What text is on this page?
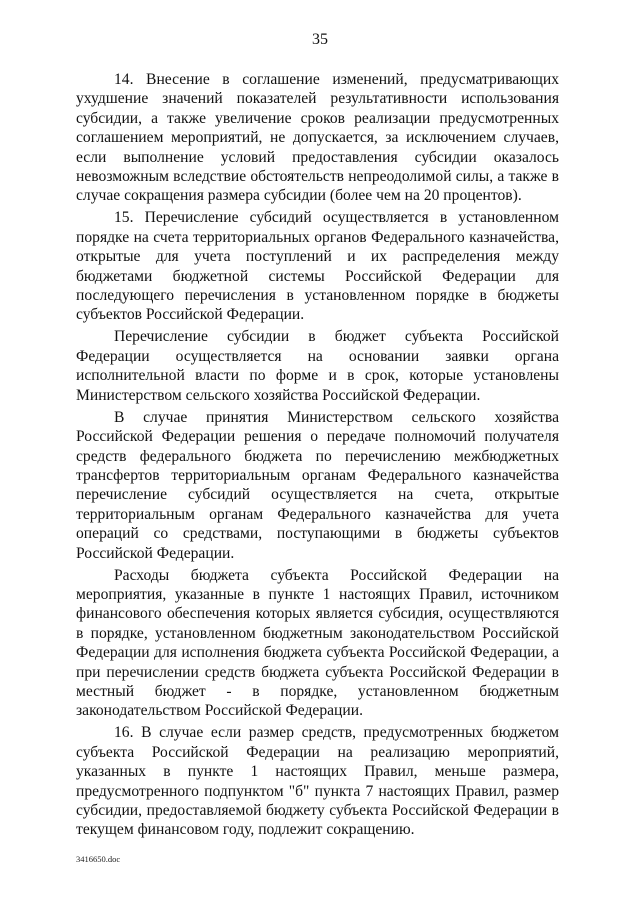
35

14. Внесение в соглашение изменений, предусматривающих ухудшение значений показателей результативности использования субсидии, а также увеличение сроков реализации предусмотренных соглашением мероприятий, не допускается, за исключением случаев, если выполнение условий предоставления субсидии оказалось невозможным вследствие обстоятельств непреодолимой силы, а также в случае сокращения размера субсидии (более чем на 20 процентов).

15. Перечисление субсидий осуществляется в установленном порядке на счета территориальных органов Федерального казначейства, открытые для учета поступлений и их распределения между бюджетами бюджетной системы Российской Федерации для последующего перечисления в установленном порядке в бюджеты субъектов Российской Федерации.

Перечисление субсидии в бюджет субъекта Российской Федерации осуществляется на основании заявки органа исполнительной власти по форме и в срок, которые установлены Министерством сельского хозяйства Российской Федерации.

В случае принятия Министерством сельского хозяйства Российской Федерации решения о передаче полномочий получателя средств федерального бюджета по перечислению межбюджетных трансфертов территориальным органам Федерального казначейства перечисление субсидий осуществляется на счета, открытые территориальным органам Федерального казначейства для учета операций со средствами, поступающими в бюджеты субъектов Российской Федерации.

Расходы бюджета субъекта Российской Федерации на мероприятия, указанные в пункте 1 настоящих Правил, источником финансового обеспечения которых является субсидия, осуществляются в порядке, установленном бюджетным законодательством Российской Федерации для исполнения бюджета субъекта Российской Федерации, а при перечислении средств бюджета субъекта Российской Федерации в местный бюджет - в порядке, установленном бюджетным законодательством Российской Федерации.

16. В случае если размер средств, предусмотренных бюджетом субъекта Российской Федерации на реализацию мероприятий, указанных в пункте 1 настоящих Правил, меньше размера, предусмотренного подпунктом "б" пункта 7 настоящих Правил, размер субсидии, предоставляемой бюджету субъекта Российской Федерации в текущем финансовом году, подлежит сокращению.

3416650.doc
